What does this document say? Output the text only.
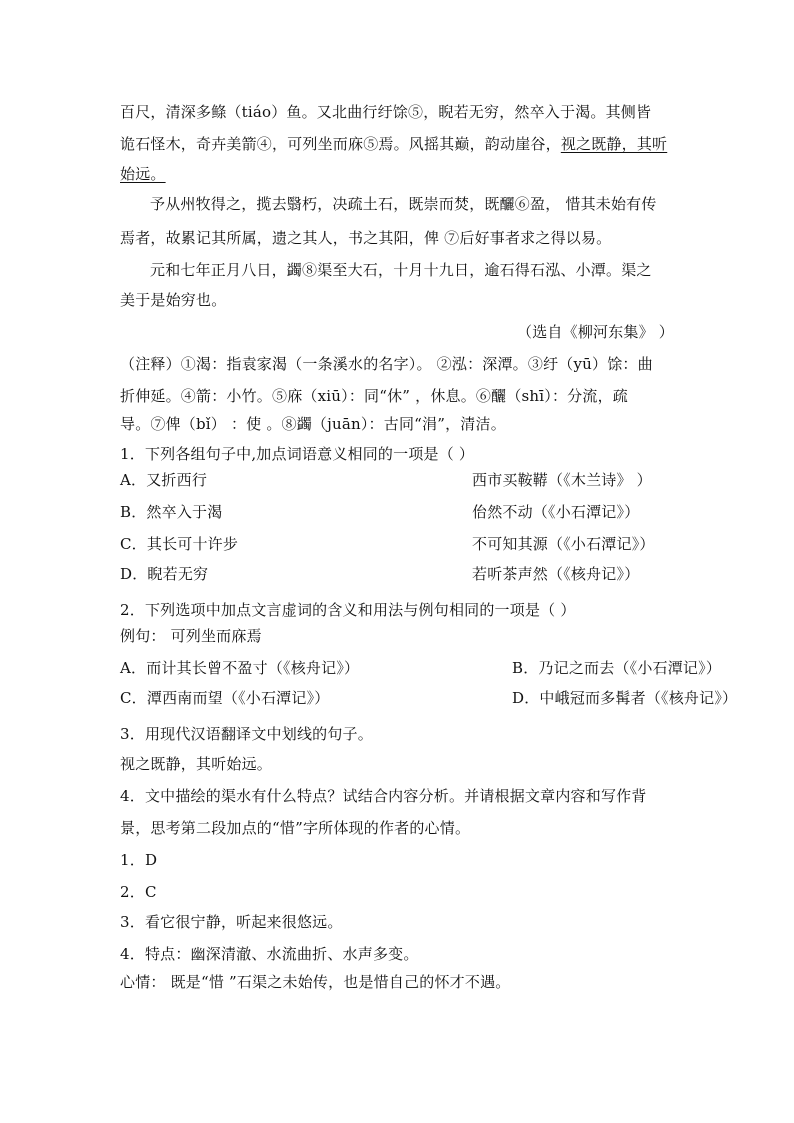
百尺，清深多鲦（tiáo）鱼。又北曲行纡馀⑤，睨若无穷，然卒入于渴。其侧皆
诡石怪木，奇卉美箭④，可列坐而庥⑤焉。风摇其巅，韵动崖谷，视之既静，其听
始远。
予从州牧得之，揽去翳朽，决疏土石，既崇而焚，既釃⑥盈， 惜其未始有传
焉者，故累记其所属，遗之其人，书之其阳，俾 ⑦后好事者求之得以易。
元和七年正月八日，蠲⑧渠至大石，十月十九日，逾石得石泓、小潭。渠之
美于是始穷也。
（选自《柳河东集》 ）
（注释）①渴：指袁家渴（一条溪水的名字）。 ②泓：深潭。③纡（yū）馀：曲
折伸延。④箭：小竹。⑤庥（xiū）：同“休” ，休息。⑥釃（shī）：分流，疏
导。⑦俾（bǐ） ：使 。⑧蠲（juān）：古同“涓”，清洁。
1．下列各组句子中,加点词语意义相同的一项是（ ）
A．又折西行	西市买鞍鞯（《木兰诗》 ）
B．然卒入于渴	佁然不动（《小石潭记》）
C．其长可十许步	不可知其源（《小石潭记》）
D．睨若无穷	若听茶声然（《核舟记》）
2．下列选项中加点文言虚词的含义和用法与例句相同的一项是（ ）
例句： 可列坐而庥焉
A．而计其长曾不盈寸（《核舟记》）	B．乃记之而去（《小石潭记》）
C．潭西南而望（《小石潭记》）	D．中峨冠而多髯者（《核舟记》）
3．用现代汉语翻译文中划线的句子。
视之既静，其听始远。
4．文中描绘的渠水有什么特点？试结合内容分析。并请根据文章内容和写作背
景，思考第二段加点的“惜”字所体现的作者的心情。
1．D
2．C
3．看它很宁静，听起来很悠远。
4．特点：幽深清澈、水流曲折、水声多变。
心情： 既是“惜 ”石渠之未始传，也是惜自己的怀才不遇。
